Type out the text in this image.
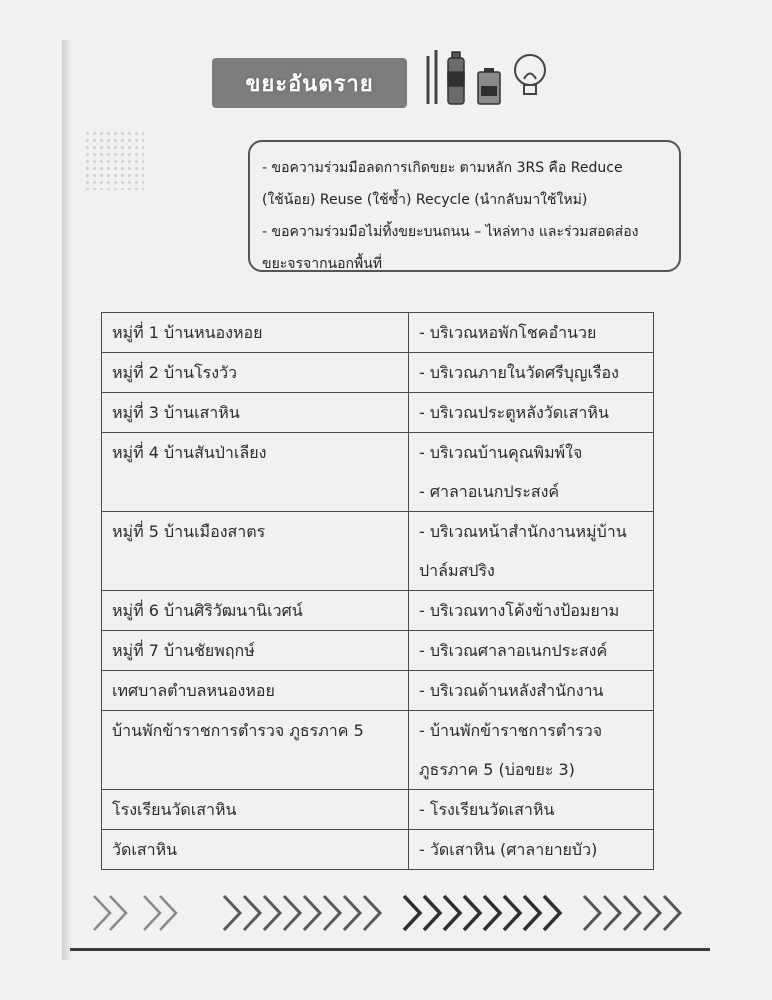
ขยะอันตราย

- ขอความร่วมมือลดการเกิดขยะ ตามหลัก 3RS คือ Reduce

(ใช้น้อย) Reuse (ใช้ซ้ำ) Recycle (นำกลับมาใช้ใหม่)

- ขอความร่วมมือไม่ทิ้งขยะบนถนน – ไหล่ทาง และร่วมสอดส่อง

ขยะจรจากนอกพื้นที่

หมู่ที่ 1 บ้านหนองหอย	- บริเวณหอพักโชคอำนวย

หมู่ที่ 2 บ้านโรงวัว	- บริเวณภายในวัดศรีบุญเรือง

หมู่ที่ 3 บ้านเสาหิน	- บริเวณประตูหลังวัดเสาหิน

หมู่ที่ 4 บ้านสันป่าเลียง	- บริเวณบ้านคุณพิมพ์ใจ
- ศาลาอเนกประสงค์

หมู่ที่ 5 บ้านเมืองสาตร	- บริเวณหน้าสำนักงานหมู่บ้าน
ปาล์มสปริง

หมู่ที่ 6 บ้านศิริวัฒนานิเวศน์	- บริเวณทางโค้งข้างป้อมยาม

หมู่ที่ 7 บ้านชัยพฤกษ์	- บริเวณศาลาอเนกประสงค์

เทศบาลตำบลหนองหอย	- บริเวณด้านหลังสำนักงาน

บ้านพักข้าราชการตำรวจ ภูธรภาค 5	- บ้านพักข้าราชการตำรวจ
ภูธรภาค 5 (บ่อขยะ 3)

โรงเรียนวัดเสาหิน	- โรงเรียนวัดเสาหิน

วัดเสาหิน	- วัดเสาหิน (ศาลายายบัว)
